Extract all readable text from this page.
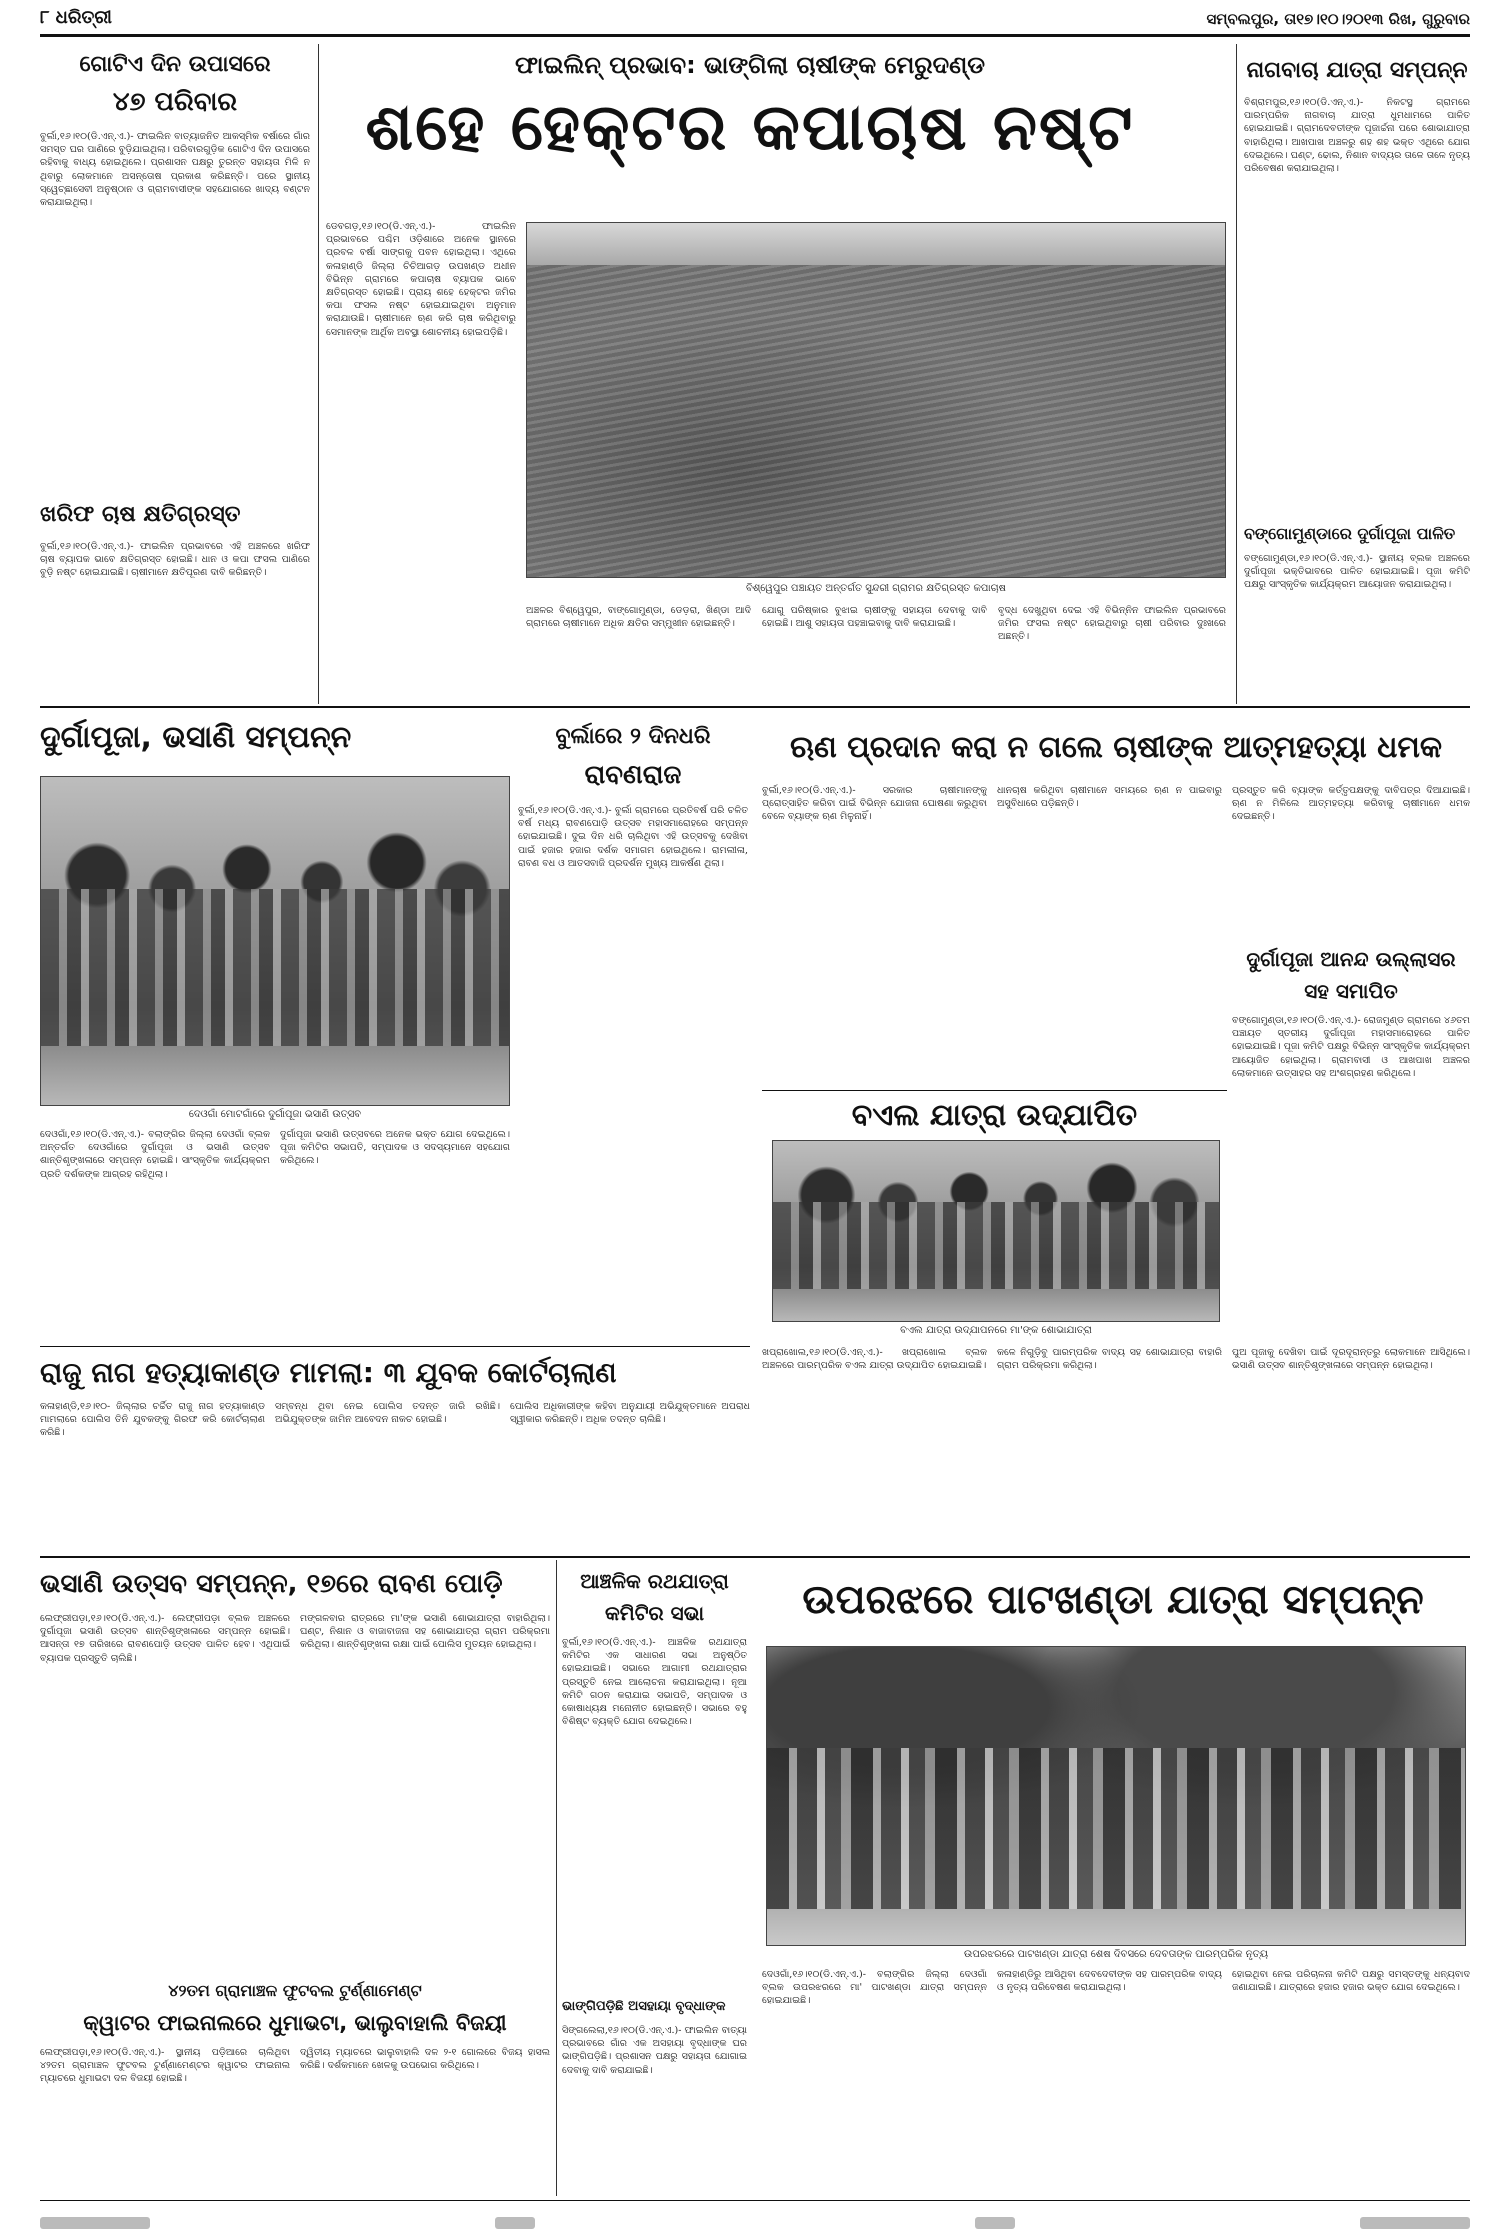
୮ ଧରିତ୍ରୀ	ସମ୍ବଲପୁର, ତା୧୭।୧୦।୨୦୧୩ ରିଖ, ଗୁରୁବାର
ଗୋଟିଏ ଦିନ ଉପାସରେ
୪୭ ପରିବାର
ବୁର୍ଲା,୧୬।୧୦(ଡି.ଏନ୍.ଏ.)- ଫାଇଲିନ ବାତ୍ୟାଜନିତ ଆକସ୍ମିକ ବର୍ଷାରେ ଗାଁର ସମସ୍ତ ଘର ପାଣିରେ ବୁଡ଼ିଯାଇଥିଲା। ପରିବାରଗୁଡ଼ିକ ଗୋଟିଏ ଦିନ ଉପାସରେ ରହିବାକୁ ବାଧ୍ୟ ହୋଇଥିଲେ। ପ୍ରଶାସନ ପକ୍ଷରୁ ତୁରନ୍ତ ସହାୟତା ମିଳି ନ ଥିବାରୁ ଲୋକମାନେ ଅସନ୍ତୋଷ ପ୍ରକାଶ କରିଛନ୍ତି। ପରେ ସ୍ଥାନୀୟ ସ୍ୱେଚ୍ଛାସେବୀ ଅନୁଷ୍ଠାନ ଓ ଗ୍ରାମବାସୀଙ୍କ ସହଯୋଗରେ ଖାଦ୍ୟ ବଣ୍ଟନ କରାଯାଇଥିଲା।
ଖରିଫ ଚାଷ କ୍ଷତିଗ୍ରସ୍ତ
ବୁର୍ଲା,୧୬।୧୦(ଡି.ଏନ୍.ଏ.)- ଫାଇଲିନ ପ୍ରଭାବରେ ଏହି ଅଞ୍ଚଳରେ ଖରିଫ ଚାଷ ବ୍ୟାପକ ଭାବେ କ୍ଷତିଗ୍ରସ୍ତ ହୋଇଛି। ଧାନ ଓ କପା ଫସଲ ପାଣିରେ ବୁଡ଼ି ନଷ୍ଟ ହୋଇଯାଇଛି। ଚାଷୀମାନେ କ୍ଷତିପୂରଣ ଦାବି କରିଛନ୍ତି।
ଫାଇଲିନ୍ ପ୍ରଭାବ: ଭାଙ୍ଗିଲା ଚାଷୀଙ୍କ ମେରୁଦଣ୍ଡ
ଶହେ ହେକ୍ଟର କପାଚାଷ ନଷ୍ଟ
ଡେବଗଡ଼,୧୬।୧୦(ଡି.ଏନ୍.ଏ.)- ଫାଇଲିନ ପ୍ରଭାବରେ ପଶ୍ଚିମ ଓଡ଼ିଶାରେ ଅନେକ ସ୍ଥାନରେ ପ୍ରବଳ ବର୍ଷା ସାଙ୍ଗକୁ ପବନ ହୋଇଥିଲା। ଏଥିରେ କଳାହାଣ୍ଡି ଜିଲ୍ଲା ଚିଚିଆଗଡ଼ ଉପଖଣ୍ଡ ଅଧୀନ ବିଭିନ୍ନ ଗ୍ରାମରେ କପାଚାଷ ବ୍ୟାପକ ଭାବେ କ୍ଷତିଗ୍ରସ୍ତ ହୋଇଛି। ପ୍ରାୟ ଶହେ ହେକ୍ଟର ଜମିର କପା ଫସଲ ନଷ୍ଟ ହୋଇଯାଇଥିବା ଅନୁମାନ କରାଯାଉଛି। ଚାଷୀମାନେ ଋଣ କରି ଚାଷ କରିଥିବାରୁ ସେମାନଙ୍କ ଆର୍ଥିକ ଅବସ୍ଥା ଶୋଚନୀୟ ହୋଇପଡ଼ିଛି।
ବିଶ୍ୱେପୁର ପଞ୍ଚାୟତ ଅନ୍ତର୍ଗତ ସୁନ୍ଦରୀ ଗ୍ରାମର କ୍ଷତିଗ୍ରସ୍ତ କପାଚାଷ
ଅଞ୍ଚଳର ବିଶ୍ୱେପୁର, ବାଙ୍ଗୋମୁଣ୍ଡା, ଡେଡ଼ରା, ଖିଣ୍ଡା ଆଦି ଗ୍ରାମରେ ଚାଷୀମାନେ ଅଧିକ କ୍ଷତିର ସମ୍ମୁଖୀନ ହୋଇଛନ୍ତି।
ଯୋଗୁ ପରିଷ୍କାର ବୁଝାଇ ଚାଷୀଙ୍କୁ ସହାୟତା ଦେବାକୁ ଦାବି ହୋଇଛି। ଆଶୁ ସହାୟତା ପହଞ୍ଚାଇବାକୁ ଦାବି କରାଯାଇଛି।
ବୃଦ୍ଧ ଦେଖୁଥିବା ଦେଇ ଏହି ବିଭିନ୍ନିନ ଫାଇଲିନ ପ୍ରଭାବରେ ଜମିର ଫସଲ ନଷ୍ଟ ହୋଇଥିବାରୁ ଚାଷୀ ପରିବାର ଦୁଃଖରେ ଅଛନ୍ତି।
ନାଗବାଚା ଯାତ୍ରା ସମ୍ପନ୍ନ
ବିଶ୍ରାମପୁର,୧୬।୧୦(ଡି.ଏନ୍.ଏ.)- ନିକଟସ୍ଥ ଗ୍ରାମରେ ପାରମ୍ପରିକ ନାଗବାଚା ଯାତ୍ରା ଧୁମଧାମରେ ପାଳିତ ହୋଇଯାଇଛି। ଗ୍ରାମଦେବତୀଙ୍କ ପୂଜାର୍ଚ୍ଚନା ପରେ ଶୋଭାଯାତ୍ରା ବାହାରିଥିଲା। ଆଖପାଖ ଅଞ୍ଚଳରୁ ଶହ ଶହ ଭକ୍ତ ଏଥିରେ ଯୋଗ ଦେଇଥିଲେ। ଘଣ୍ଟ, ଢୋଲ, ନିଶାନ ବାଦ୍ୟର ତାଳେ ତାଳେ ନୃତ୍ୟ ପରିବେଷଣ କରାଯାଇଥିଲା।
ବଙ୍ଗୋମୁଣ୍ଡାରେ ଦୁର୍ଗାପୂଜା ପାଳିତ
ବଙ୍ଗୋମୁଣ୍ଡା,୧୬।୧୦(ଡି.ଏନ୍.ଏ.)- ସ୍ଥାନୀୟ ବ୍ଲକ ଅଞ୍ଚଳରେ ଦୁର୍ଗାପୂଜା ଭକ୍ତିଭାବରେ ପାଳିତ ହୋଇଯାଇଛି। ପୂଜା କମିଟି ପକ୍ଷରୁ ସାଂସ୍କୃତିକ କାର୍ଯ୍ୟକ୍ରମ ଆୟୋଜନ କରାଯାଇଥିଲା।
ଦୁର୍ଗାପୂଜା, ଭସାଣି ସମ୍ପନ୍ନ
ଦେଓଗାଁ ମୋଟଗାଁରେ ଦୁର୍ଗାପୂଜା ଭସାଣି ଉତ୍ସବ
ଦେଓଗାଁ,୧୬।୧୦(ଡି.ଏନ୍.ଏ.)- ବଲାଙ୍ଗିର ଜିଲ୍ଲା ଦେଓଗାଁ ବ୍ଲକ ଅନ୍ତର୍ଗତ ଦେଓଗାଁରେ ଦୁର୍ଗାପୂଜା ଓ ଭସାଣି ଉତ୍ସବ ଶାନ୍ତିଶୃଙ୍ଖଳାରେ ସମ୍ପନ୍ନ ହୋଇଛି। ସାଂସ୍କୃତିକ କାର୍ଯ୍ୟକ୍ରମ ପ୍ରତି ଦର୍ଶକଙ୍କ ଆଗ୍ରହ ରହିଥିଲା।
ଦୁର୍ଗାପୂଜା ଭସାଣି ଉତ୍ସବରେ ଅନେକ ଭକ୍ତ ଯୋଗ ଦେଇଥିଲେ। ପୂଜା କମିଟିର ସଭାପତି, ସମ୍ପାଦକ ଓ ସଦସ୍ୟମାନେ ସହଯୋଗ କରିଥିଲେ।
ବୁର୍ଲାରେ ୨ ଦିନଧରି
ରାବଣରାଜ
ବୁର୍ଲା,୧୬।୧୦(ଡି.ଏନ୍.ଏ.)- ବୁର୍ଲା ଗ୍ରାମରେ ପ୍ରତିବର୍ଷ ପରି ଚଳିତ ବର୍ଷ ମଧ୍ୟ ରାବଣପୋଡ଼ି ଉତ୍ସବ ମହାସମାରୋହରେ ସମ୍ପନ୍ନ ହୋଇଯାଇଛି। ଦୁଇ ଦିନ ଧରି ଚାଲିଥିବା ଏହି ଉତ୍ସବକୁ ଦେଖିବା ପାଇଁ ହଜାର ହଜାର ଦର୍ଶକ ସମାଗମ ହୋଇଥିଲେ। ରାମଲୀଳା, ରାବଣ ବଧ ଓ ଆତସବାଜି ପ୍ରଦର୍ଶନ ମୁଖ୍ୟ ଆକର୍ଷଣ ଥିଲା।
ଋଣ ପ୍ରଦାନ କରା ନ ଗଲେ ଚାଷୀଙ୍କ ଆତ୍ମହତ୍ୟା ଧମକ
ବୁର୍ଲା,୧୬।୧୦(ଡି.ଏନ୍.ଏ.)- ସରକାର ଚାଷୀମାନଙ୍କୁ ପ୍ରୋତ୍ସାହିତ କରିବା ପାଇଁ ବିଭିନ୍ନ ଯୋଜନା ଘୋଷଣା କରୁଥିବା ବେଳେ ବ୍ୟାଙ୍କ ଋଣ ମିଳୁନାହିଁ।
ଧାନଚାଷ କରିଥିବା ଚାଷୀମାନେ ସମୟରେ ଋଣ ନ ପାଇବାରୁ ଅସୁବିଧାରେ ପଡ଼ିଛନ୍ତି।
ପ୍ରସ୍ତୁତ କରି ବ୍ୟାଙ୍କ କର୍ତ୍ତୃପକ୍ଷଙ୍କୁ ଦାବିପତ୍ର ଦିଆଯାଇଛି। ଋଣ ନ ମିଳିଲେ ଆତ୍ମହତ୍ୟା କରିବାକୁ ଚାଷୀମାନେ ଧମକ ଦେଇଛନ୍ତି।
ବଏଲ ଯାତ୍ରା ଉଦ୍‌ଯାପିତ
ବଏଲ ଯାତ୍ରା ଉଦ୍‌ଯାପନରେ ମା'ଙ୍କ ଶୋଭାଯାତ୍ରା
ଦୁର୍ଗାପୂଜା ଆନନ୍ଦ ଉଲ୍ଲାସର
ସହ ସମାପିତ
ବଙ୍ଗୋମୁଣ୍ଡା,୧୬।୧୦(ଡି.ଏନ୍.ଏ.)- ରୋଜମୁଣ୍ଡ ଗ୍ରାମରେ ୪୬ତମ ପଞ୍ଚାୟତ ସ୍ତରୀୟ ଦୁର୍ଗାପୂଜା ମହାସମାରୋହରେ ପାଳିତ ହୋଇଯାଇଛି। ପୂଜା କମିଟି ପକ୍ଷରୁ ବିଭିନ୍ନ ସାଂସ୍କୃତିକ କାର୍ଯ୍ୟକ୍ରମ ଆୟୋଜିତ ହୋଇଥିଲା। ଗ୍ରାମବାସୀ ଓ ଆଖପାଖ ଅଞ୍ଚଳର ଲୋକମାନେ ଉତ୍ସାହର ସହ ଅଂଶଗ୍ରହଣ କରିଥିଲେ।
ରାଜୁ ନାଗ ହତ୍ୟାକାଣ୍ଡ ମାମଲା: ୩ ଯୁବକ କୋର୍ଟଚାଲାଣ
କଳାହାଣ୍ଡି,୧୬।୧୦- ଜିଲ୍ଲାର ଚର୍ଚ୍ଚିତ ରାଜୁ ନାଗ ହତ୍ୟାକାଣ୍ଡ ମାମଲାରେ ପୋଲିସ ତିନି ଯୁବକଙ୍କୁ ଗିରଫ କରି କୋର୍ଟଚାଲାଣ କରିଛି।
ସମ୍ବନ୍ଧ ଥିବା ନେଇ ପୋଲିସ ତଦନ୍ତ ଜାରି ରଖିଛି। ଅଭିଯୁକ୍ତଙ୍କ ଜାମିନ ଆବେଦନ ନାକଚ ହୋଇଛି।
ପୋଲିସ ଅଧିକାରୀଙ୍କ କହିବା ଅନୁଯାୟୀ ଅଭିଯୁକ୍ତମାନେ ଅପରାଧ ସ୍ୱୀକାର କରିଛନ୍ତି। ଅଧିକ ତଦନ୍ତ ଚାଲିଛି।
ଖପ୍ରାଖୋଲ,୧୬।୧୦(ଡି.ଏନ୍.ଏ.)- ଖପ୍ରାଖୋଲ ବ୍ଲକ ଅଞ୍ଚଳରେ ପାରମ୍ପରିକ ବଏଲ ଯାତ୍ରା ଉଦ୍‌ଯାପିତ ହୋଇଯାଇଛି।
କଳେ ନିଗୁଡ଼ିବୁ ପାରମ୍ପରିକ ବାଦ୍ୟ ସହ ଶୋଭାଯାତ୍ରା ବାହାରି ଗ୍ରାମ ପରିକ୍ରମା କରିଥିଲା।
ପୁଅ ପୂଜାକୁ ଦେଖିବା ପାଇଁ ଦୂରଦୂରାନ୍ତରୁ ଲୋକମାନେ ଆସିଥିଲେ। ଭସାଣି ଉତ୍ସବ ଶାନ୍ତିଶୃଙ୍ଖଳାରେ ସମ୍ପନ୍ନ ହୋଇଥିଲା।
ଭସାଣି ଉତ୍ସବ ସମ୍ପନ୍ନ, ୧୭ରେ ରାବଣ ପୋଡ଼ି
ଲେଫ୍ରୀପଡ଼ା,୧୬।୧୦(ଡି.ଏନ୍.ଏ.)- ଲେଫ୍ରୀପଡ଼ା ବ୍ଲକ ଅଞ୍ଚଳରେ ଦୁର୍ଗାପୂଜା ଭସାଣି ଉତ୍ସବ ଶାନ୍ତିଶୃଙ୍ଖଳାରେ ସମ୍ପନ୍ନ ହୋଇଛି। ଆସନ୍ତା ୧୭ ତାରିଖରେ ରାବଣପୋଡ଼ି ଉତ୍ସବ ପାଳିତ ହେବ। ଏଥିପାଇଁ ବ୍ୟାପକ ପ୍ରସ୍ତୁତି ଚାଲିଛି।
ମଙ୍ଗଳବାର ରାତ୍ରରେ ମା'ଙ୍କ ଭସାଣି ଶୋଭାଯାତ୍ରା ବାହାରିଥିଲା। ଘଣ୍ଟ, ନିଶାନ ଓ ବାଜାବାଜନା ସହ ଶୋଭାଯାତ୍ରା ଗ୍ରାମ ପରିକ୍ରମା କରିଥିଲା। ଶାନ୍ତିଶୃଙ୍ଖଳା ରକ୍ଷା ପାଇଁ ପୋଲିସ ମୁତୟନ ହୋଇଥିଲା।
୪୨ତମ ଗ୍ରାମାଞ୍ଚଳ ଫୁଟବଲ ଟୁର୍ଣ୍ଣାମେଣ୍ଟ
କ୍ୱାଟର ଫାଇନାଲରେ ଧୁମାଭଟା, ଭାଲୁବାହାଲି ବିଜୟୀ
ଲେଫ୍ରୀପଡ଼ା,୧୬।୧୦(ଡି.ଏନ୍.ଏ.)- ସ୍ଥାନୀୟ ପଡ଼ିଆରେ ଚାଲିଥିବା ୪୨ତମ ଗ୍ରାମାଞ୍ଚଳ ଫୁଟବଲ ଟୁର୍ଣ୍ଣାମେଣ୍ଟର କ୍ୱାଟର ଫାଇନାଲ ମ୍ୟାଚରେ ଧୁମାଭଟା ଦଳ ବିଜୟୀ ହୋଇଛି।
ଦ୍ୱିତୀୟ ମ୍ୟାଚରେ ଭାଲୁବାହାଲି ଦଳ ୨-୧ ଗୋଲରେ ବିଜୟ ହାସଲ କରିଛି। ଦର୍ଶକମାନେ ଖେଳକୁ ଉପଭୋଗ କରିଥିଲେ।
ଆଞ୍ଚଳିକ ରଥଯାତ୍ରା
କମିଟିର ସଭା
ବୁର୍ଲା,୧୬।୧୦(ଡି.ଏନ୍.ଏ.)- ଆଞ୍ଚଳିକ ରଥଯାତ୍ରା କମିଟିର ଏକ ସାଧାରଣ ସଭା ଅନୁଷ୍ଠିତ ହୋଇଯାଇଛି। ସଭାରେ ଆଗାମୀ ରଥଯାତ୍ରାର ପ୍ରସ୍ତୁତି ନେଇ ଆଲୋଚନା କରାଯାଇଥିଲା। ନୂଆ କମିଟି ଗଠନ କରାଯାଇ ସଭାପତି, ସମ୍ପାଦକ ଓ କୋଷାଧ୍ୟକ୍ଷ ମନୋନୀତ ହୋଇଛନ୍ତି। ସଭାରେ ବହୁ ବିଶିଷ୍ଟ ବ୍ୟକ୍ତି ଯୋଗ ଦେଇଥିଲେ।
ଭାଙ୍ଗିପଡ଼ିଛି ଅସହାୟା ବୃଦ୍ଧାଙ୍କ
ସିଙ୍ଗଲେଲା,୧୬।୧୦(ଡି.ଏନ୍.ଏ.)- ଫାଇଲିନ ବାତ୍ୟା ପ୍ରଭାବରେ ଗାଁର ଏକ ଅସହାୟା ବୃଦ୍ଧାଙ୍କ ଘର ଭାଙ୍ଗିପଡ଼ିଛି। ପ୍ରଶାସନ ପକ୍ଷରୁ ସହାୟତା ଯୋଗାଇ ଦେବାକୁ ଦାବି କରାଯାଇଛି।
ଉପରଝରେ ପାଟଖଣ୍ଡା ଯାତ୍ରା ସମ୍ପନ୍ନ
ଉପରଝରରେ ପାଟଖଣ୍ଡା ଯାତ୍ରା ଶେଷ ଦିବସରେ ଦେବତାଙ୍କ ପାରମ୍ପରିକ ନୃତ୍ୟ
ଦେଓଗାଁ,୧୬।୧୦(ଡି.ଏନ୍.ଏ.)- ବଲାଙ୍ଗିର ଜିଲ୍ଲା ଦେଓଗାଁ ବ୍ଲକ ଉପରଝରରେ ମା' ପାଟଖଣ୍ଡା ଯାତ୍ରା ସମ୍ପନ୍ନ ହୋଇଯାଇଛି।
କଳାହାଣ୍ଡିରୁ ଆସିଥିବା ଦେବଦେବୀଙ୍କ ସହ ପାରମ୍ପରିକ ବାଦ୍ୟ ଓ ନୃତ୍ୟ ପରିବେଷଣ କରାଯାଇଥିଲା।
ହୋଇଥିବା ନେଇ ପରିଚାଳନା କମିଟି ପକ୍ଷରୁ ସମସ୍ତଙ୍କୁ ଧନ୍ୟବାଦ ଜଣାଯାଇଛି। ଯାତ୍ରାରେ ହଜାର ହଜାର ଭକ୍ତ ଯୋଗ ଦେଇଥିଲେ।
